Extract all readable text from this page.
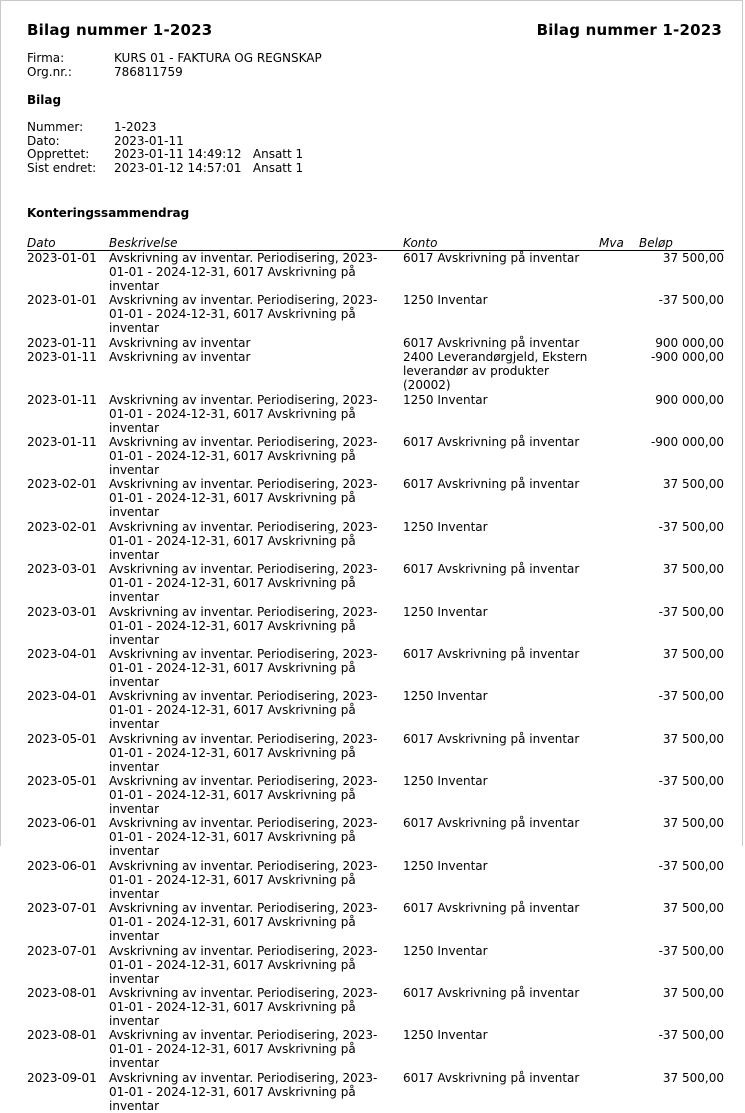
Bilag nummer 1-2023	Bilag nummer 1-2023
Firma:	KURS 01 - FAKTURA OG REGNSKAP
Org.nr.:	786811759
Bilag
Nummer:	1-2023
Dato:	2023-01-11
Opprettet:	2023-01-11 14:49:12   Ansatt 1
Sist endret:	2023-01-12 14:57:01   Ansatt 1
Konteringssammendrag
Dato	Beskrivelse	Konto	Mva	Beløp

2023-01-01	Avskrivning av inventar. Periodisering, 2023-01-01 - 2024-12-31, 6017 Avskrivning på inventar	6017 Avskrivning på inventar		37 500,00

2023-01-01	Avskrivning av inventar. Periodisering, 2023-01-01 - 2024-12-31, 6017 Avskrivning på inventar	1250 Inventar		-37 500,00

2023-01-11	Avskrivning av inventar	6017 Avskrivning på inventar		900 000,00

2023-01-11	Avskrivning av inventar	2400 Leverandørgjeld, Ekstern leverandør av produkter (20002)		-900 000,00

2023-01-11	Avskrivning av inventar. Periodisering, 2023-01-01 - 2024-12-31, 6017 Avskrivning på inventar	1250 Inventar		900 000,00

2023-01-11	Avskrivning av inventar. Periodisering, 2023-01-01 - 2024-12-31, 6017 Avskrivning på inventar	6017 Avskrivning på inventar		-900 000,00

2023-02-01	Avskrivning av inventar. Periodisering, 2023-01-01 - 2024-12-31, 6017 Avskrivning på inventar	6017 Avskrivning på inventar		37 500,00

2023-02-01	Avskrivning av inventar. Periodisering, 2023-01-01 - 2024-12-31, 6017 Avskrivning på inventar	1250 Inventar		-37 500,00

2023-03-01	Avskrivning av inventar. Periodisering, 2023-01-01 - 2024-12-31, 6017 Avskrivning på inventar	6017 Avskrivning på inventar		37 500,00

2023-03-01	Avskrivning av inventar. Periodisering, 2023-01-01 - 2024-12-31, 6017 Avskrivning på inventar	1250 Inventar		-37 500,00

2023-04-01	Avskrivning av inventar. Periodisering, 2023-01-01 - 2024-12-31, 6017 Avskrivning på inventar	6017 Avskrivning på inventar		37 500,00

2023-04-01	Avskrivning av inventar. Periodisering, 2023-01-01 - 2024-12-31, 6017 Avskrivning på inventar	1250 Inventar		-37 500,00

2023-05-01	Avskrivning av inventar. Periodisering, 2023-01-01 - 2024-12-31, 6017 Avskrivning på inventar	6017 Avskrivning på inventar		37 500,00

2023-05-01	Avskrivning av inventar. Periodisering, 2023-01-01 - 2024-12-31, 6017 Avskrivning på inventar	1250 Inventar		-37 500,00

2023-06-01	Avskrivning av inventar. Periodisering, 2023-01-01 - 2024-12-31, 6017 Avskrivning på inventar	6017 Avskrivning på inventar		37 500,00

2023-06-01	Avskrivning av inventar. Periodisering, 2023-01-01 - 2024-12-31, 6017 Avskrivning på inventar	1250 Inventar		-37 500,00

2023-07-01	Avskrivning av inventar. Periodisering, 2023-01-01 - 2024-12-31, 6017 Avskrivning på inventar	6017 Avskrivning på inventar		37 500,00

2023-07-01	Avskrivning av inventar. Periodisering, 2023-01-01 - 2024-12-31, 6017 Avskrivning på inventar	1250 Inventar		-37 500,00

2023-08-01	Avskrivning av inventar. Periodisering, 2023-01-01 - 2024-12-31, 6017 Avskrivning på inventar	6017 Avskrivning på inventar		37 500,00

2023-08-01	Avskrivning av inventar. Periodisering, 2023-01-01 - 2024-12-31, 6017 Avskrivning på inventar	1250 Inventar		-37 500,00

2023-09-01	Avskrivning av inventar. Periodisering, 2023-01-01 - 2024-12-31, 6017 Avskrivning på inventar	6017 Avskrivning på inventar		37 500,00
